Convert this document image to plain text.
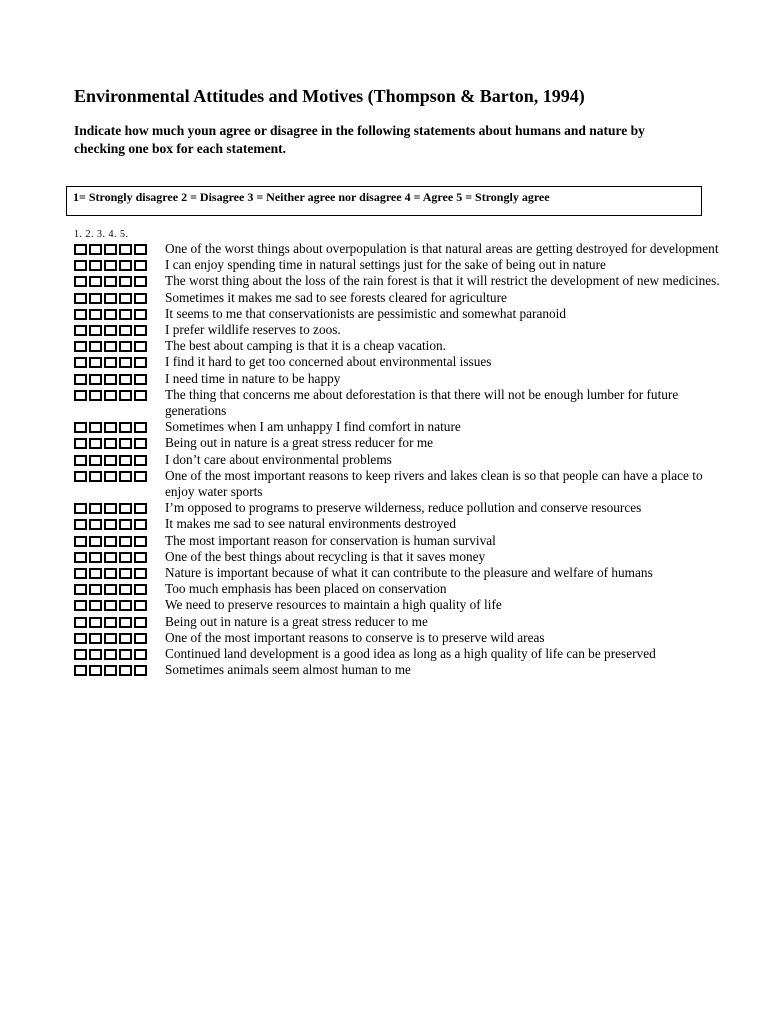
Environmental Attitudes and Motives (Thompson & Barton, 1994)
Indicate how much youn agree or disagree in the following statements about humans and nature by checking one box for each statement.
1= Strongly disagree 2 = Disagree 3 = Neither agree nor disagree 4 = Agree 5 = Strongly agree
1. 2. 3. 4. 5.
One of the worst things about overpopulation is that natural areas are getting destroyed for development
I can enjoy spending time in natural settings just for the sake of being out in nature
The worst thing about the loss of the rain forest is that it will restrict the development of new medicines.
Sometimes it makes me sad to see forests cleared for agriculture
It seems to me that conservationists are pessimistic and somewhat paranoid
I prefer wildlife reserves to zoos.
The best about camping is that it is a cheap vacation.
I find it hard to get too concerned about environmental issues
I need time in nature to be happy
The thing that concerns me about deforestation is that there will not be enough lumber for future generations
Sometimes when I am unhappy I find comfort in nature
Being out in nature is a great stress reducer for me
I don’t care about environmental problems
One of the most important reasons to keep rivers and lakes clean is so that people can have a place to enjoy water sports
I’m opposed to programs to preserve wilderness, reduce pollution and conserve resources
It makes me sad to see natural environments destroyed
The most important reason for conservation is human survival
One of the best things about recycling is that it saves money
Nature is important because of what it can contribute to the pleasure and welfare of humans
Too much emphasis has been placed on conservation
We need to preserve resources to maintain a high quality of life
Being out in nature is a great stress reducer to me
One of the most important reasons to conserve is to preserve wild areas
Continued land development is a good idea as long as a high quality of life can be preserved
Sometimes animals seem almost human to me
